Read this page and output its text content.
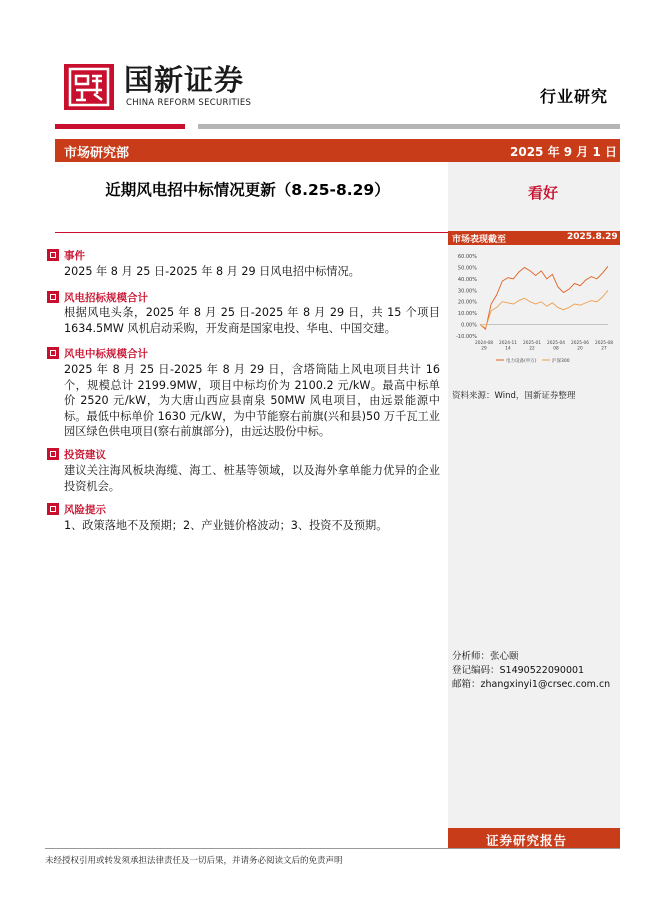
国新证券
CHINA REFORM SECURITIES	行业研究
市场研究部	2025 年 9 月 1 日
近期风电招中标情况更新（8.25-8.29）	看好
市场表现截至	2025.8.29
60.00%
50.00%
40.00%
30.00%
20.00%
10.00%
0.00%
-10.00%
2024-08 29
2024-11 14
2025-01 22
2025-04 08
2025-06 20
2025-08 27
电力设备(申万)	沪深300
资料来源：Wind，国新证券整理
事件
2025 年 8 月 25 日-2025 年 8 月 29 日风电招中标情况。
风电招标规模合计
根据风电头条，2025 年 8 月 25 日-2025 年 8 月 29 日，共 15 个项目 1634.5MW 风机启动采购，开发商是国家电投、华电、中国交建。
风电中标规模合计
2025 年 8 月 25 日-2025 年 8 月 29 日，含塔筒陆上风电项目共计 16 个，规模总计 2199.9MW，项目中标均价为 2100.2 元/kW。最高中标单价 2520 元/kW，为大唐山西应县南泉 50MW 风电项目，由远景能源中标。最低中标单价 1630 元/kW，为中节能察右前旗(兴和县)50 万千瓦工业园区绿色供电项目(察右前旗部分)，由远达股份中标。
投资建议
建议关注海风板块海缆、海工、桩基等领域，以及海外拿单能力优异的企业投资机会。
风险提示
1、政策落地不及预期；2、产业链价格波动；3、投资不及预期。
分析师：张心颐
登记编码：S1490522090001
邮箱：zhangxinyi1@crsec.com.cn
证券研究报告
未经授权引用或转发须承担法律责任及一切后果，并请务必阅读文后的免责声明
